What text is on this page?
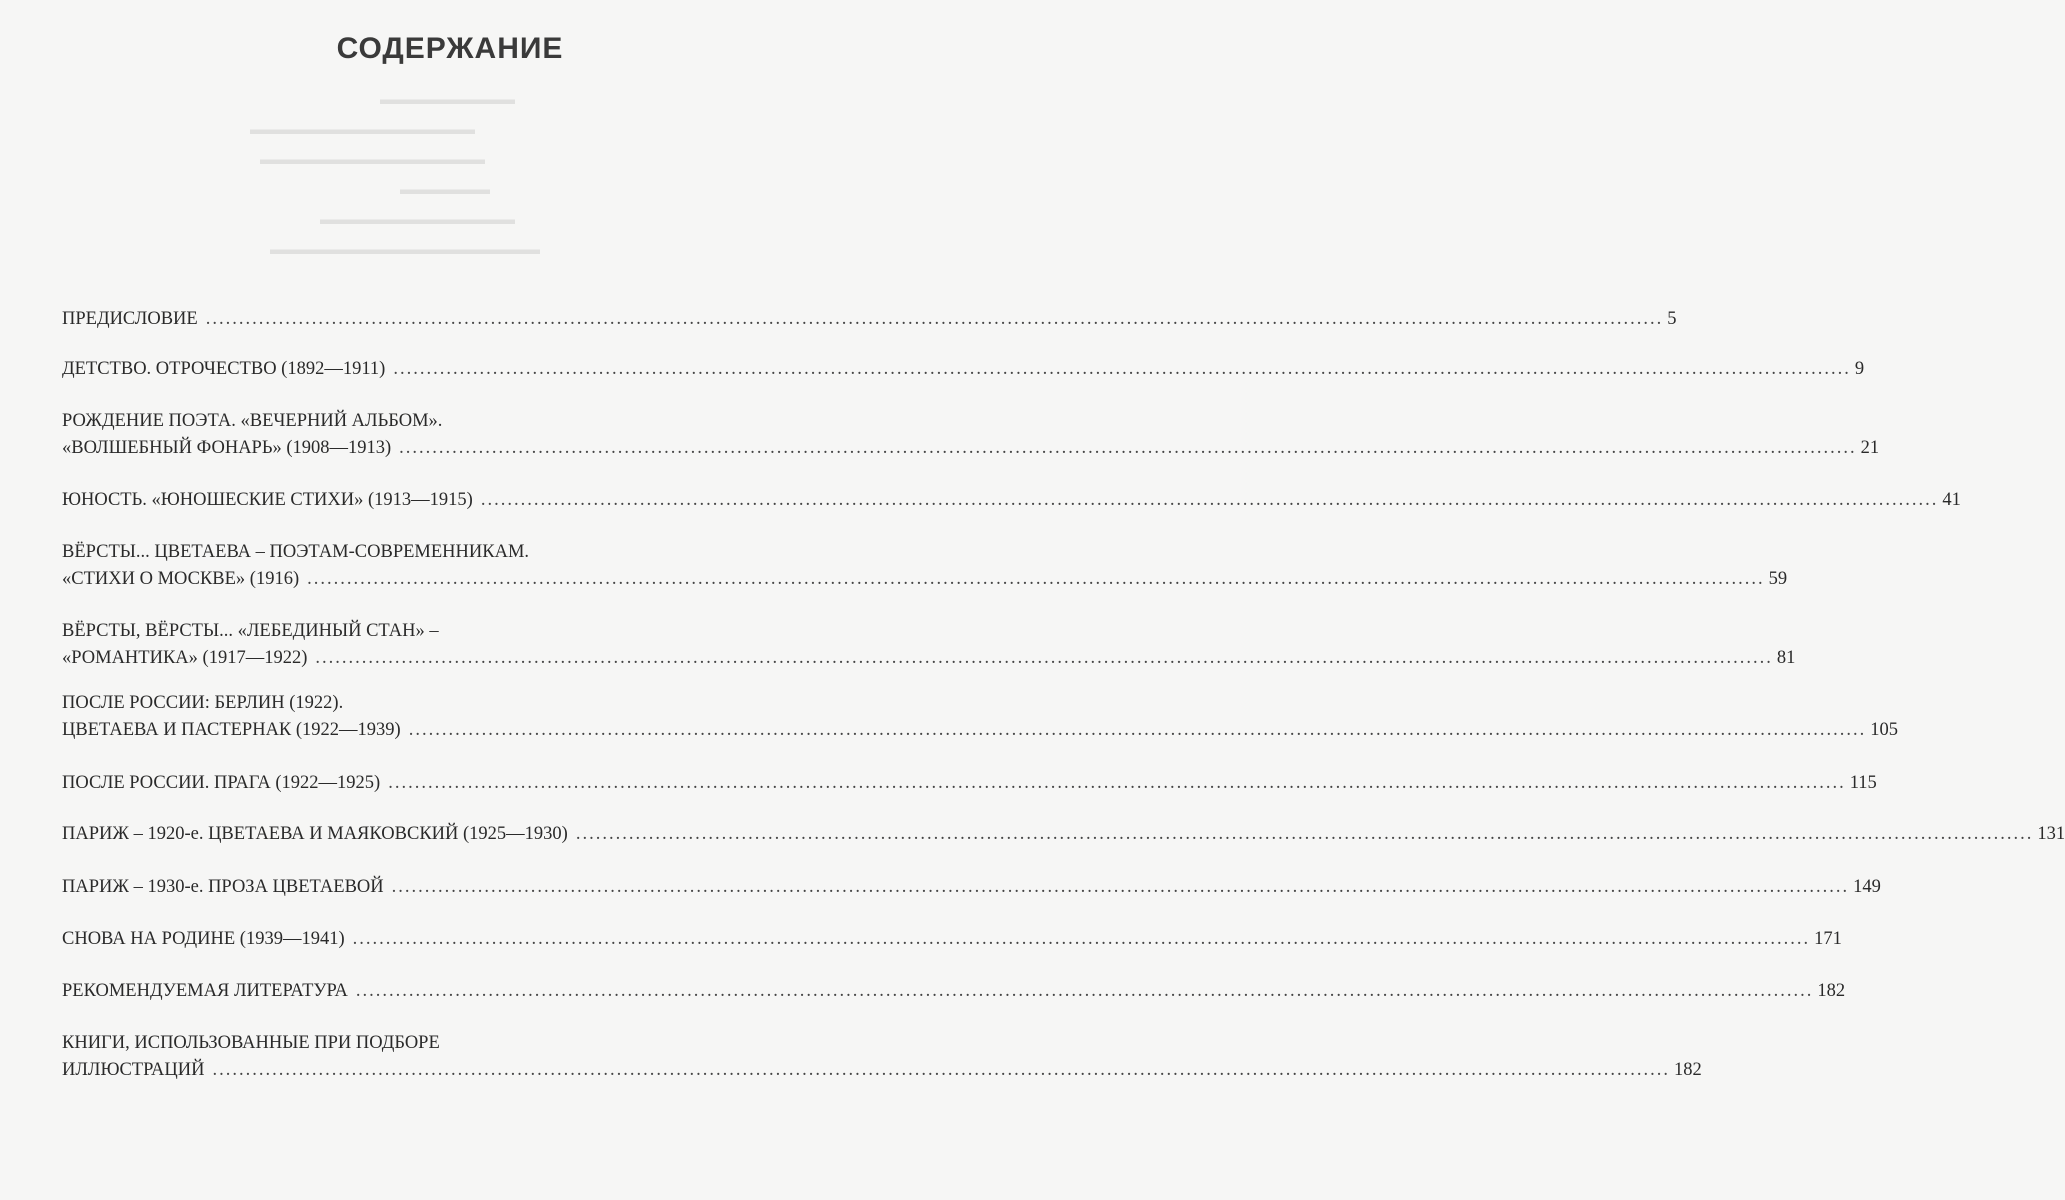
СОДЕРЖАНИЕ
▬▬▬▬▬▬▬▬▬
▬▬▬▬▬▬▬▬▬▬▬▬▬▬▬
▬▬▬▬▬▬▬▬▬▬▬▬▬▬▬
▬▬▬▬▬▬
▬▬▬▬▬▬▬▬▬▬▬▬▬
▬▬▬▬▬▬▬▬▬▬▬▬▬▬▬▬▬▬
ПРЕДИСЛОВИЕ ............................................................................................................................................................................................................................ 5
ДЕТСТВО. ОТРОЧЕСТВО (1892—1911) ............................................................................................................................................................................................................................ 9
РОЖДЕНИЕ ПОЭТА. «ВЕЧЕРНИЙ АЛЬБОМ».
«ВОЛШЕБНЫЙ ФОНАРЬ» (1908—1913) ............................................................................................................................................................................................................................ 21
ЮНОСТЬ. «ЮНОШЕСКИЕ СТИХИ» (1913—1915) ............................................................................................................................................................................................................................ 41
ВЁРСТЫ... ЦВЕТАЕВА – ПОЭТАМ-СОВРЕМЕННИКАМ.
«СТИХИ О МОСКВЕ» (1916) ............................................................................................................................................................................................................................ 59
ВЁРСТЫ, ВЁРСТЫ... «ЛЕБЕДИНЫЙ СТАН» –
«РОМАНТИКА» (1917—1922) ............................................................................................................................................................................................................................ 81
ПОСЛЕ РОССИИ: БЕРЛИН (1922).
ЦВЕТАЕВА И ПАСТЕРНАК (1922—1939) ............................................................................................................................................................................................................................ 105
ПОСЛЕ РОССИИ. ПРАГА (1922—1925) ............................................................................................................................................................................................................................ 115
ПАРИЖ – 1920-е. ЦВЕТАЕВА И МАЯКОВСКИЙ (1925—1930) ............................................................................................................................................................................................................................ 131
ПАРИЖ – 1930-е. ПРОЗА ЦВЕТАЕВОЙ ............................................................................................................................................................................................................................ 149
СНОВА НА РОДИНЕ (1939—1941) ............................................................................................................................................................................................................................ 171
РЕКОМЕНДУЕМАЯ ЛИТЕРАТУРА ............................................................................................................................................................................................................................ 182
КНИГИ, ИСПОЛЬЗОВАННЫЕ ПРИ ПОДБОРЕ
ИЛЛЮСТРАЦИЙ ............................................................................................................................................................................................................................ 182
